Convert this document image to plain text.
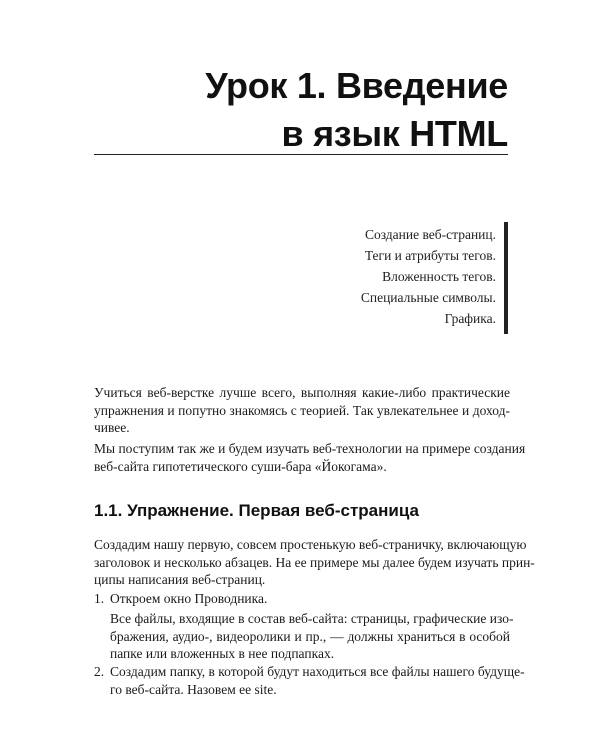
Урок 1. Введение
в язык HTML
Создание веб-страниц.
Теги и атрибуты тегов.
Вложенность тегов.
Специальные символы.
Графика.

Учиться веб-верстке лучше всего, выполняя какие-либо практические
упражнения и попутно знакомясь с теорией. Так увлекательнее и доход-
чивее.

Мы поступим так же и будем изучать веб-технологии на примере создания
веб-сайта гипотетического суши-бара «Йокогама».

1.1. Упражнение. Первая веб-страница

Создадим нашу первую, совсем простенькую веб-страничку, включающую
заголовок и несколько абзацев. На ее примере мы далее будем изучать прин-
ципы написания веб-страниц.

1. Откроем окно Проводника.

Все файлы, входящие в состав веб-сайта: страницы, графические изо-
бражения, аудио-, видеоролики и пр., — должны храниться в особой
папке или вложенных в нее подпапках.

2. Создадим папку, в которой будут находиться все файлы нашего будуще-
го веб-сайта. Назовем ее site.
